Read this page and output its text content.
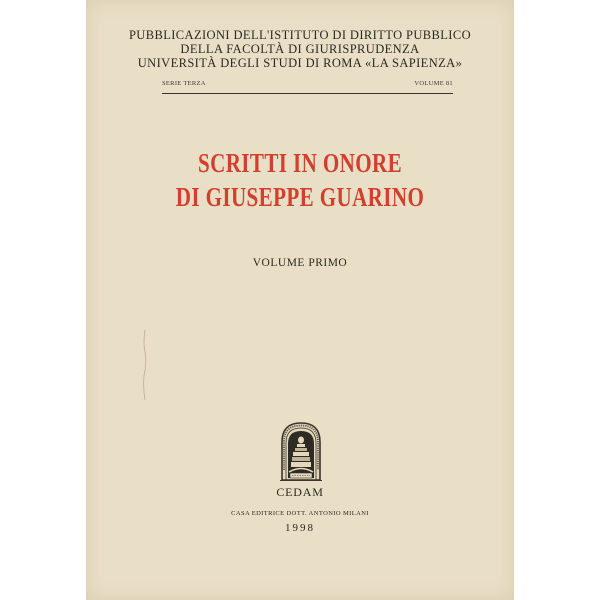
PUBBLICAZIONI DELL'ISTITUTO DI DIRITTO PUBBLICO
DELLA FACOLTÀ DI GIURISPRUDENZA
UNIVERSITÀ DEGLI STUDI DI ROMA «LA SAPIENZA»
SERIE TERZA	VOLUME 81
SCRITTI IN ONORE
DI GIUSEPPE GUARINO
VOLUME PRIMO
CEDAM
CASA EDITRICE DOTT. ANTONIO MILANI
1998
